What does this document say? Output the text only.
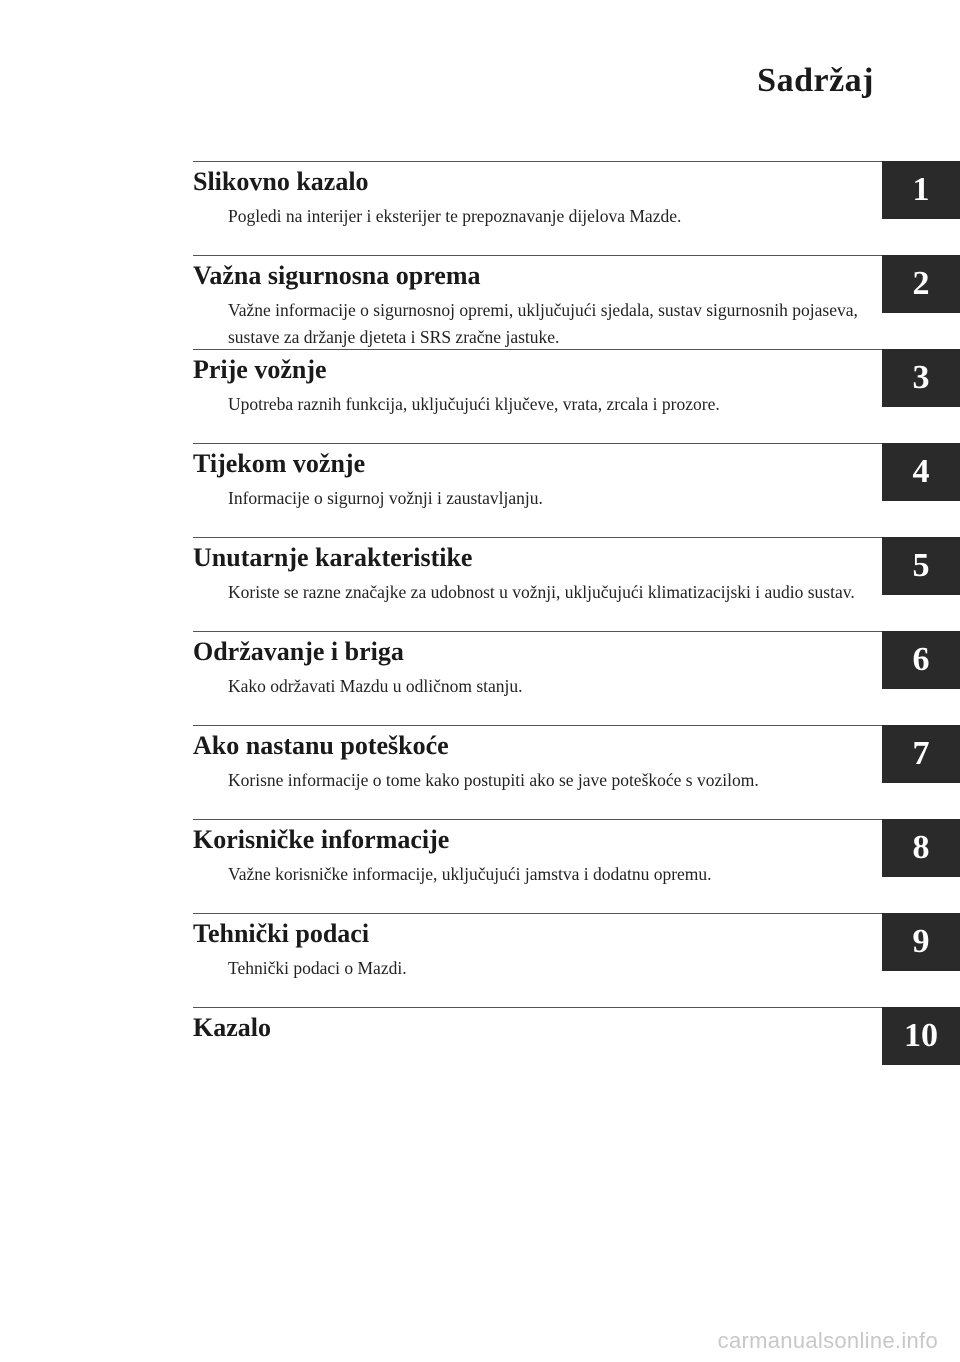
Sadržaj
Slikovno kazalo
Pogledi na interijer i eksterijer te prepoznavanje dijelova Mazde.
1
Važna sigurnosna oprema
Važne informacije o sigurnosnoj opremi, uključujući sjedala, sustav sigurnosnih pojaseva, sustave za držanje djeteta i SRS zračne jastuke.
2
Prije vožnje
Upotreba raznih funkcija, uključujući ključeve, vrata, zrcala i prozore.
3
Tijekom vožnje
Informacije o sigurnoj vožnji i zaustavljanju.
4
Unutarnje karakteristike
Koriste se razne značajke za udobnost u vožnji, uključujući klimatizacijski i audio sustav.
5
Održavanje i briga
Kako održavati Mazdu u odličnom stanju.
6
Ako nastanu poteškoće
Korisne informacije o tome kako postupiti ako se jave poteškoće s vozilom.
7
Korisničke informacije
Važne korisničke informacije, uključujući jamstva i dodatnu opremu.
8
Tehnički podaci
Tehnički podaci o Mazdi.
9
Kazalo	10
carmanualsonline.info
